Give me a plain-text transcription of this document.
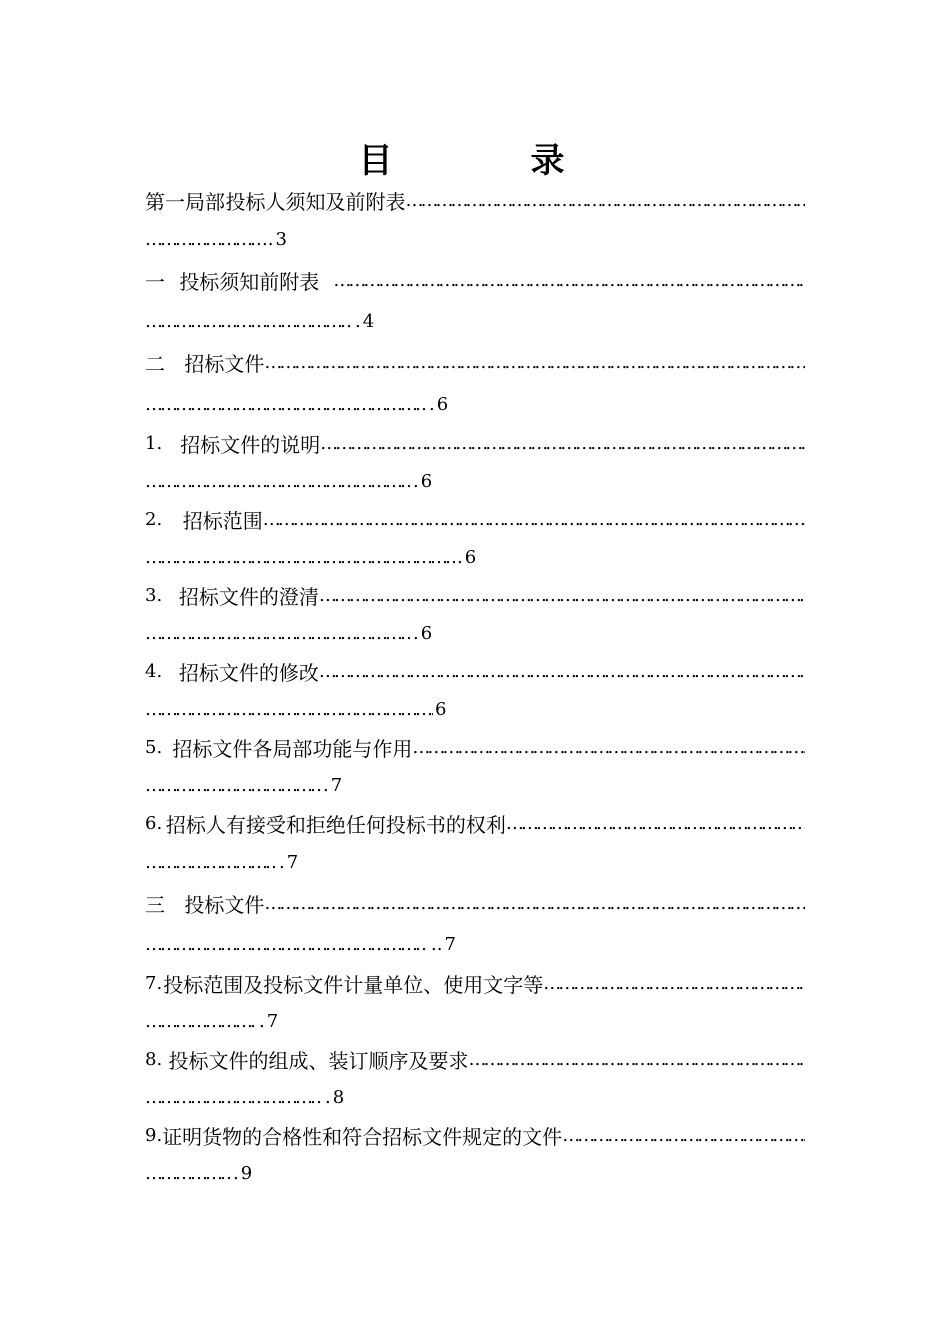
目　录
第一局部 投标人须知及前附表
……………………………………………………………………………………………………………………
……………………………………………………………………………………………………………………
.. 3
一 投标须知前附表
……………………………………………………………………………………………………………………
……………………………………………………………………………………………………………………
. 4
二 招标文件
……………………………………………………………………………………………………………………
……………………………………………………………………………………………………………………
. 6
1. 招标文件的说明
……………………………………………………………………………………………………………………
……………………………………………………………………………………………………………………
. 6
2.	招标范围
……………………………………………………………………………………………………………………
……………………………………………………………………………………………………………………
. 6
3. 招标文件的澄清
……………………………………………………………………………………………………………………
……………………………………………………………………………………………………………………
. 6
4. 招标文件的修改
……………………………………………………………………………………………………………………
……………………………………………………………………………………………………………………
6
5. 招标文件各局部功能与作用
……………………………………………………………………………………………………………………
……………………………………………………………………………………………………………………
. 7
6. 招标人有接受和拒绝任何投标书的权利
……………………………………………………………………………………………………………………
……………………………………………………………………………………………………………………
. 7
三 投标文件
……………………………………………………………………………………………………………………
……………………………………………………………………………………………………………………
.. 7
7. 投标范围及投标文件计量单位、使用文字等
……………………………………………………………………………………………………………………
……………………………………………………………………………………………………………………
. 7
8. 投标文件的组成、装订顺序及要求
……………………………………………………………………………………………………………………
……………………………………………………………………………………………………………………
. 8
9. 证明货物的合格性和符合招标文件规定的文件
……………………………………………………………………………………………………………………
……………………………………………………………………………………………………………………
. 9
